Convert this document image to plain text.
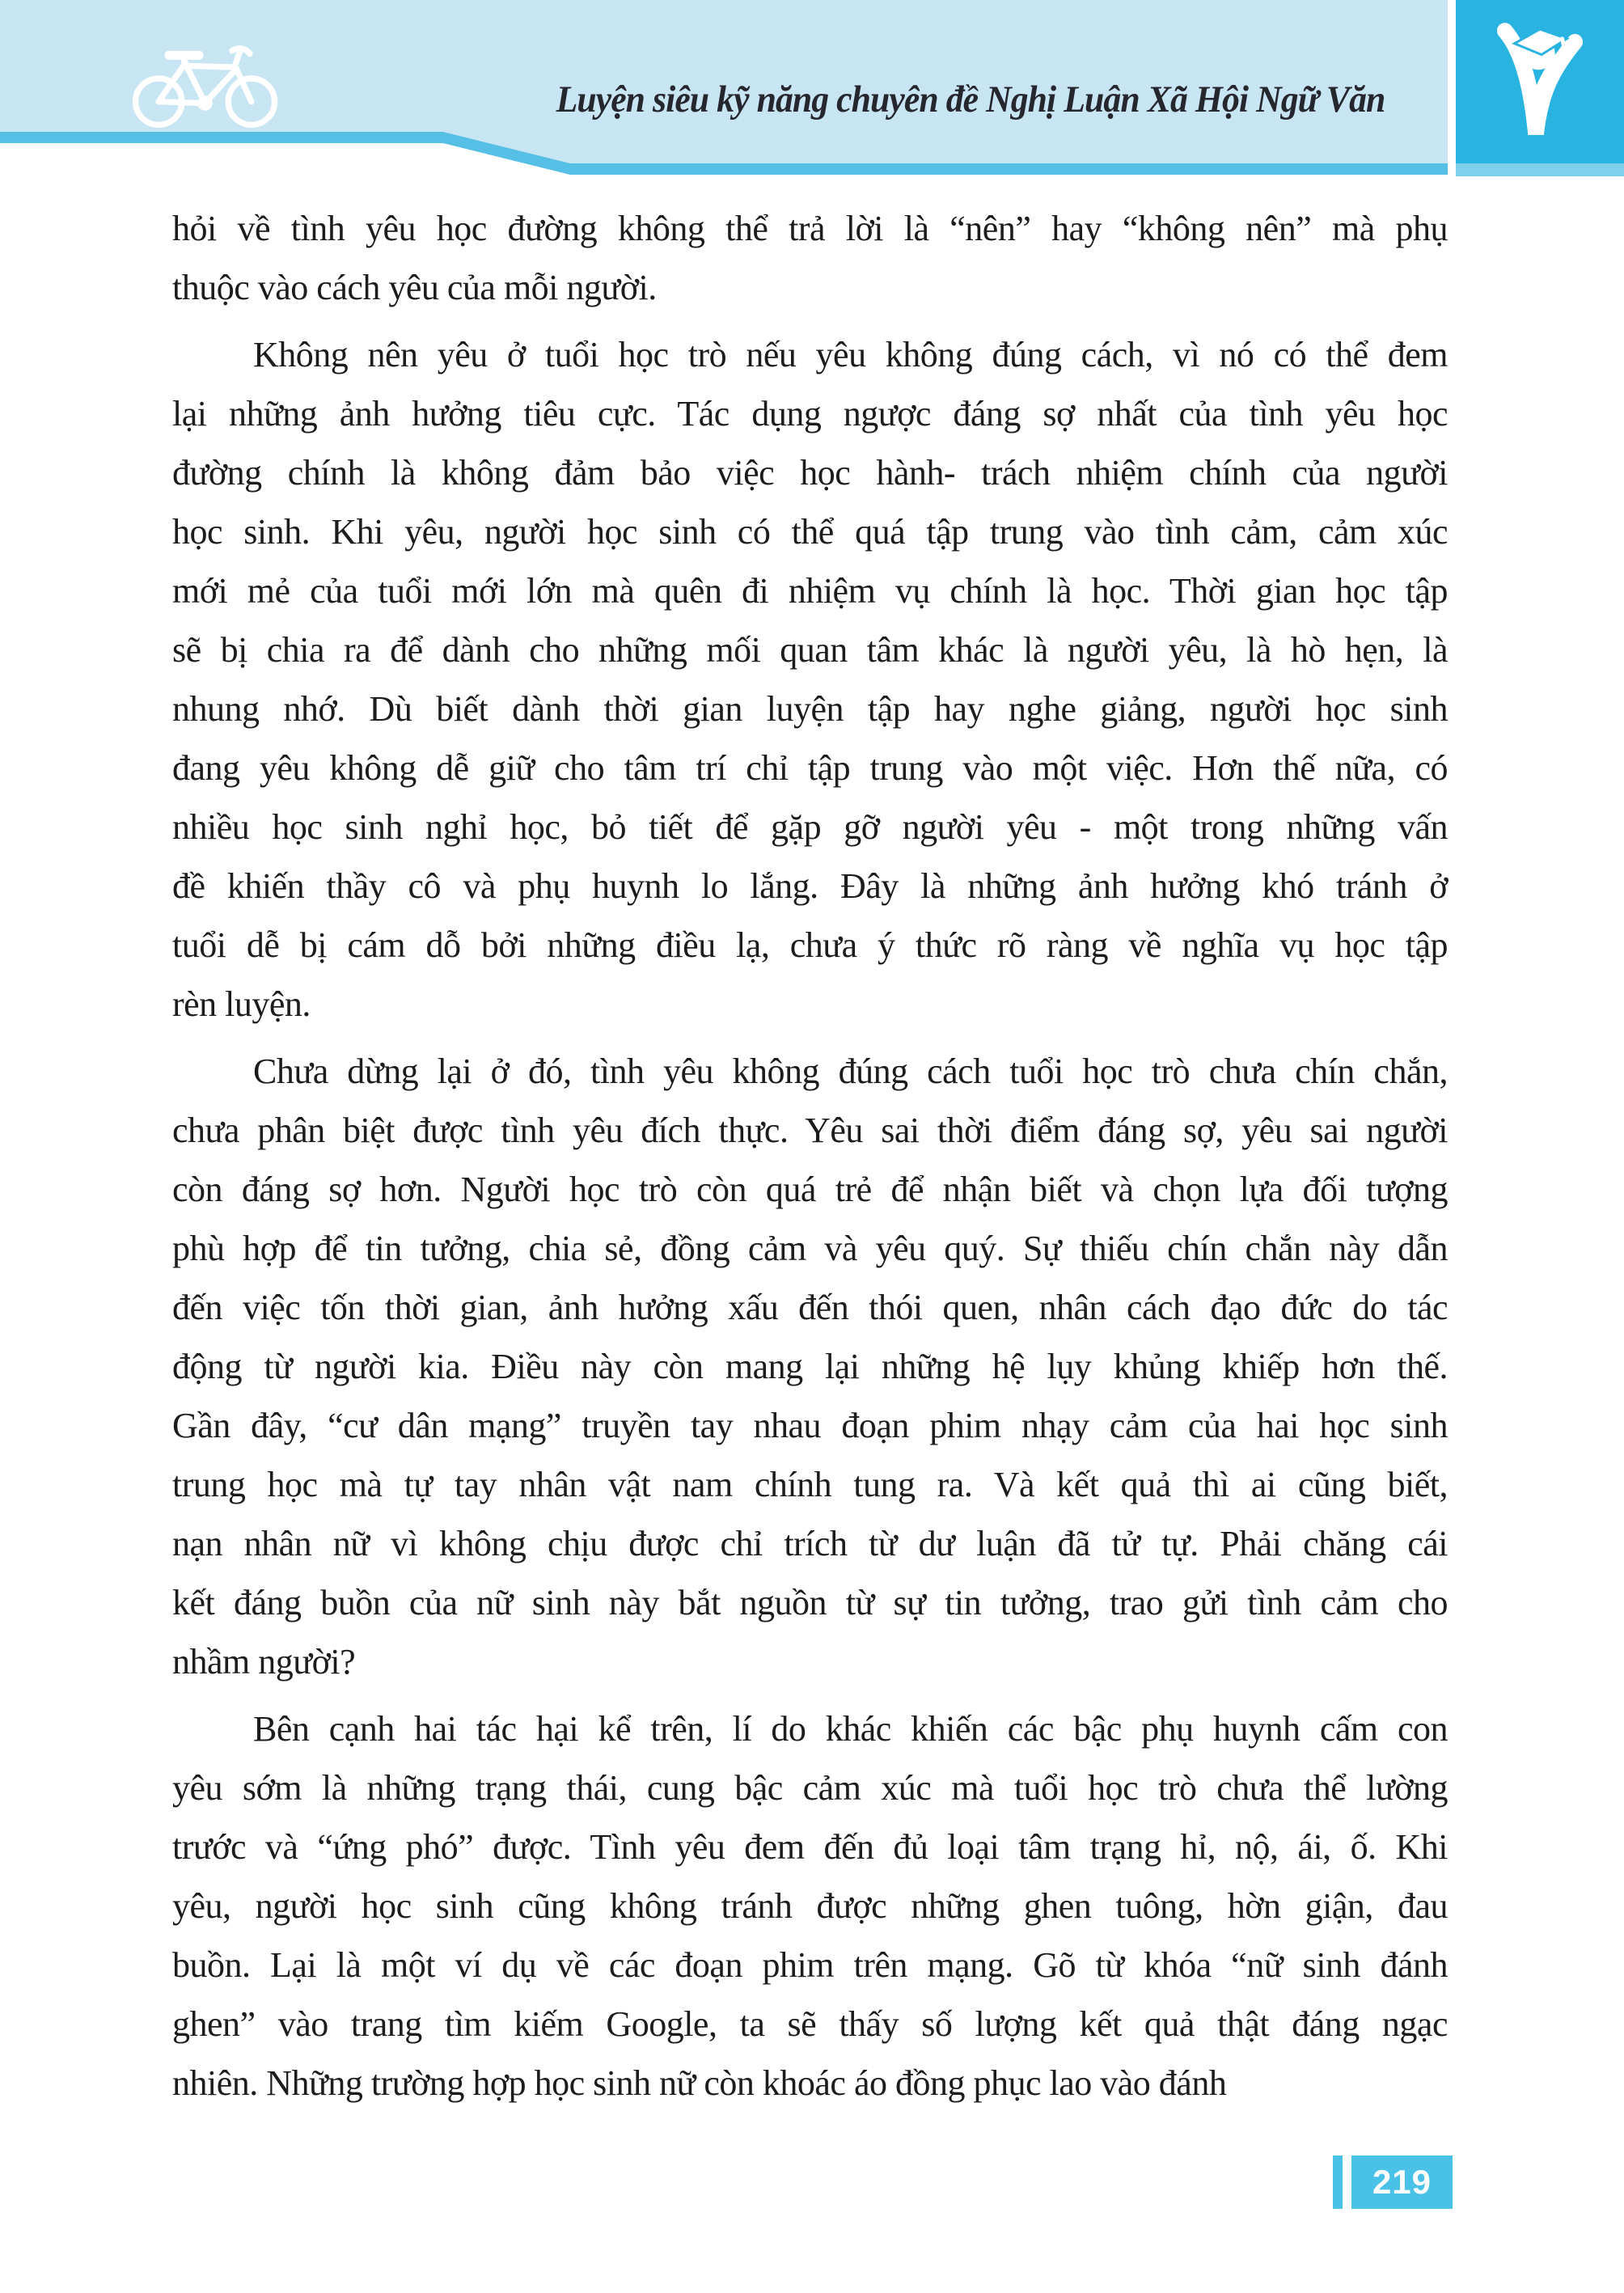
Luyện siêu kỹ năng chuyên đề Nghị Luận Xã Hội Ngữ Văn
hỏi về tình yêu học đường không thể trả lời là “nên” hay “không nên” mà phụ
thuộc vào cách yêu của mỗi người.
Không nên yêu ở tuổi học trò nếu yêu không đúng cách, vì nó có thể đem
lại những ảnh hưởng tiêu cực. Tác dụng ngược đáng sợ nhất của tình yêu học
đường chính là không đảm bảo việc học hành- trách nhiệm chính của người
học sinh. Khi yêu, người học sinh có thể quá tập trung vào tình cảm, cảm xúc
mới mẻ của tuổi mới lớn mà quên đi nhiệm vụ chính là học. Thời gian học tập
sẽ bị chia ra để dành cho những mối quan tâm khác là người yêu, là hò hẹn, là
nhung nhớ. Dù biết dành thời gian luyện tập hay nghe giảng, người học sinh
đang yêu không dễ giữ cho tâm trí chỉ tập trung vào một việc. Hơn thế nữa, có
nhiều học sinh nghỉ học, bỏ tiết để gặp gỡ người yêu - một trong những vấn
đề khiến thầy cô và phụ huynh lo lắng. Đây là những ảnh hưởng khó tránh ở
tuổi dễ bị cám dỗ bởi những điều lạ, chưa ý thức rõ ràng về nghĩa vụ học tập
rèn luyện.
Chưa dừng lại ở đó, tình yêu không đúng cách tuổi học trò chưa chín chắn,
chưa phân biệt được tình yêu đích thực. Yêu sai thời điểm đáng sợ, yêu sai người
còn đáng sợ hơn. Người học trò còn quá trẻ để nhận biết và chọn lựa đối tượng
phù hợp để tin tưởng, chia sẻ, đồng cảm và yêu quý. Sự thiếu chín chắn này dẫn
đến việc tốn thời gian, ảnh hưởng xấu đến thói quen, nhân cách đạo đức do tác
động từ người kia. Điều này còn mang lại những hệ lụy khủng khiếp hơn thế.
Gần đây, “cư dân mạng” truyền tay nhau đoạn phim nhạy cảm của hai học sinh
trung học mà tự tay nhân vật nam chính tung ra. Và kết quả thì ai cũng biết,
nạn nhân nữ vì không chịu được chỉ trích từ dư luận đã tử tự. Phải chăng cái
kết đáng buồn của nữ sinh này bắt nguồn từ sự tin tưởng, trao gửi tình cảm cho
nhầm người?
Bên cạnh hai tác hại kể trên, lí do khác khiến các bậc phụ huynh cấm con
yêu sớm là những trạng thái, cung bậc cảm xúc mà tuổi học trò chưa thể lường
trước và “ứng phó” được. Tình yêu đem đến đủ loại tâm trạng hỉ, nộ, ái, ố. Khi
yêu, người học sinh cũng không tránh được những ghen tuông, hờn giận, đau
buồn. Lại là một ví dụ về các đoạn phim trên mạng. Gõ từ khóa “nữ sinh đánh
ghen” vào trang tìm kiếm Google, ta sẽ thấy số lượng kết quả thật đáng ngạc
nhiên. Những trường hợp học sinh nữ còn khoác áo đồng phục lao vào đánh
219
